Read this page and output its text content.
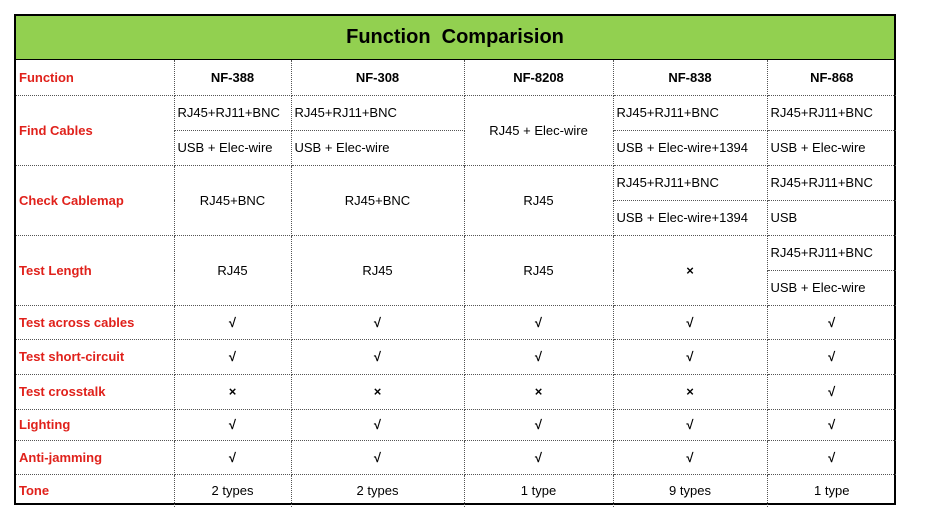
Function  Comparision
Function	NF-388	NF-308	NF-8208	NF-838	NF-868
Find Cables	RJ45+RJ11+BNC	RJ45+RJ11+BNC	RJ45 + Elec-wire	RJ45+RJ11+BNC	RJ45+RJ11+BNC
	USB + Elec-wire	USB + Elec-wire		USB + Elec-wire+1394	USB + Elec-wire
Check Cablemap	RJ45+BNC	RJ45+BNC	RJ45	RJ45+RJ11+BNC	RJ45+RJ11+BNC
				USB + Elec-wire+1394	USB
Test Length	RJ45	RJ45	RJ45	×	RJ45+RJ11+BNC
					USB + Elec-wire
Test across cables	√	√	√	√	√
Test short-circuit	√	√	√	√	√
Test crosstalk	×	×	×	×	√
Lighting	√	√	√	√	√
Anti-jamming	√	√	√	√	√
Tone	2 types	2 types	1 type	9 types	1 type
